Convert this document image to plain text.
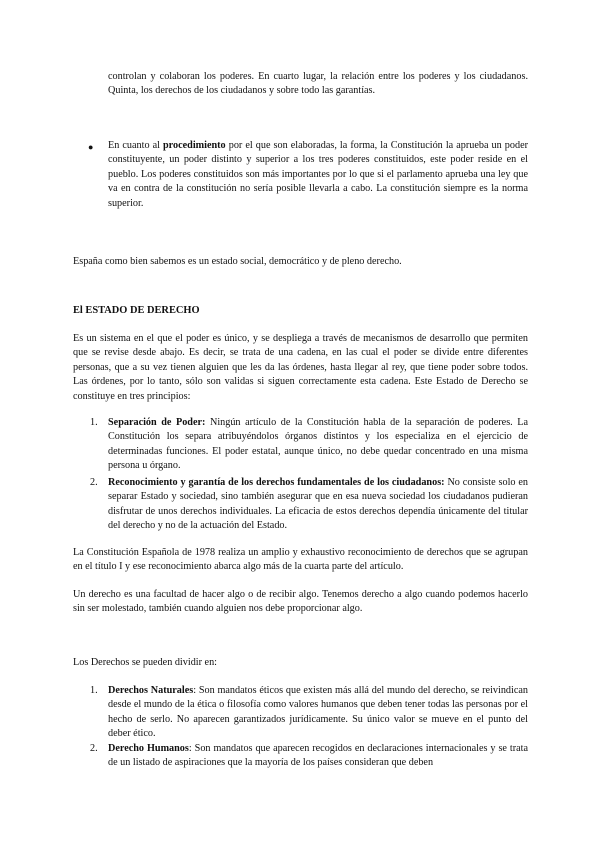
controlan y colaboran los poderes. En cuarto lugar, la relación entre los poderes y los ciudadanos. Quinta, los derechos de los ciudadanos y sobre todo las garantías.

● En cuanto al procedimiento por el que son elaboradas, la forma, la Constitución la aprueba un poder constituyente, un poder distinto y superior a los tres poderes constituidos, este poder reside en el pueblo. Los poderes constituidos son más importantes por lo que si el parlamento aprueba una ley que va en contra de la constitución no sería posible llevarla a cabo. La constitución siempre es la norma superior.

España como bien sabemos es un estado social, democrático y de pleno derecho.

El ESTADO DE DERECHO

Es un sistema en el que el poder es único, y se despliega a través de mecanismos de desarrollo que permiten que se revise desde abajo. Es decir, se trata de una cadena, en las cual el poder se divide entre diferentes personas, que a su vez tienen alguien que les da las órdenes, hasta llegar al rey, que tiene poder sobre todos. Las órdenes, por lo tanto, sólo son validas si siguen correctamente esta cadena. Este Estado de Derecho se constituye en tres principios:

1. Separación de Poder: Ningún artículo de la Constitución habla de la separación de poderes. La Constitución los separa atribuyéndolos órganos distintos y los especializa en el ejercicio de determinadas funciones. El poder estatal, aunque único, no debe quedar concentrado en una misma persona u órgano.

2. Reconocimiento y garantía de los derechos fundamentales de los ciudadanos: No consiste solo en separar Estado y sociedad, sino también asegurar que en esa nueva sociedad los ciudadanos pudieran disfrutar de unos derechos individuales. La eficacia de estos derechos dependía únicamente del titular del derecho y no de la actuación del Estado.

La Constitución Española de 1978 realiza un amplio y exhaustivo reconocimiento de derechos que se agrupan en el título I y ese reconocimiento abarca algo más de la cuarta parte del artículo.

Un derecho es una facultad de hacer algo o de recibir algo. Tenemos derecho a algo cuando podemos hacerlo sin ser molestado, también cuando alguien nos debe proporcionar algo.

Los Derechos se pueden dividir en:

1. Derechos Naturales: Son mandatos éticos que existen más allá del mundo del derecho, se reivindican desde el mundo de la ética o filosofía como valores humanos que deben tener todas las personas por el hecho de serlo. No aparecen garantizados jurídicamente. Su único valor se mueve en el punto del deber ético.

2. Derecho Humanos: Son mandatos que aparecen recogidos en declaraciones internacionales y se trata de un listado de aspiraciones que la mayoría de los países consideran que deben
